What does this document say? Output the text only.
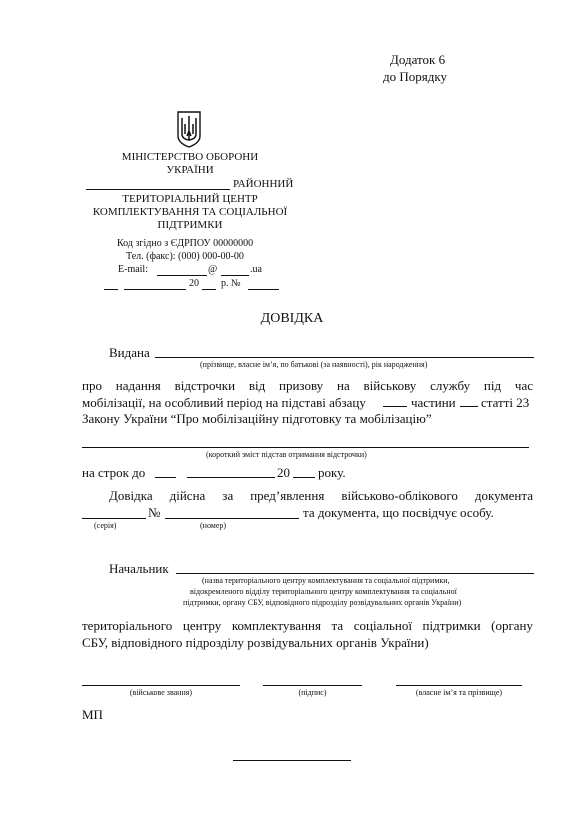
Додаток 6
до Порядку
МІНІСТЕРСТВО ОБОРОНИ
УКРАЇНИ
РАЙОННИЙ
ТЕРИТОРІАЛЬНИЙ ЦЕНТР
КОМПЛЕКТУВАННЯ ТА СОЦІАЛЬНОЇ
ПІДТРИМКИ
Код згідно з ЄДРПОУ 00000000
Тел. (факс): (000) 000-00-00
E-mail:	@	.ua
20 р. №
ДОВІДКА
Видана
(прізвище, власне ім’я, по батькові (за наявності), рік народження)
про надання відстрочки від призову на військову службу під час
мобілізації, на особливий період на підставі абзацу	частини статті 23
Закону України “Про мобілізаційну підготовку та мобілізацію”
(короткий зміст підстав отримання відстрочки)
на строк до	20 року.
Довідка дійсна за пред’явлення військово-облікового документа
№	та документа, що посвідчує особу.
(серія)	(номер)
Начальник
(назва територіального центру комплектування та соціальної підтримки,
відокремленого відділу територіального центру комплектування та соціальної
підтримки, органу СБУ, відповідного підрозділу розвідувальних органів України)
територіального центру комплектування та соціальної підтримки (органу
СБУ, відповідного підрозділу розвідувальних органів України)
(військове звання)	(підпис)	(власне ім’я та прізвище)
МП
